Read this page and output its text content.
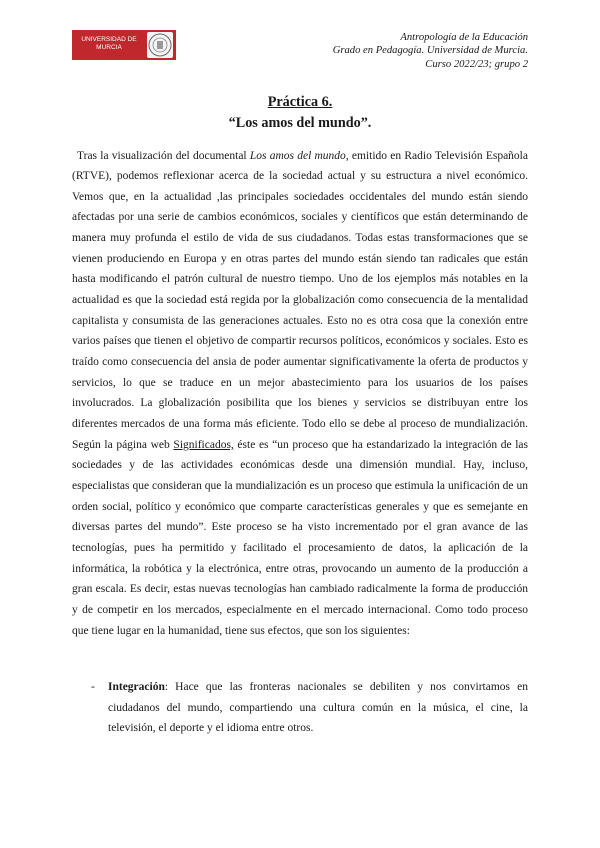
UNIVERSIDAD DE MURCIA
Antropología de la Educación
Grado en Pedagogía. Universidad de Murcia.
Curso 2022/23; grupo 2
Práctica 6.
“Los amos del mundo”.

Tras la visualización del documental Los amos del mundo, emitido en Radio Televisión Española (RTVE), podemos reflexionar acerca de la sociedad actual y su estructura a nivel económico. Vemos que, en la actualidad ,las principales sociedades occidentales del mundo están siendo afectadas por una serie de cambios económicos, sociales y científicos que están determinando de manera muy profunda el estilo de vida de sus ciudadanos. Todas estas transformaciones que se vienen produciendo en Europa y en otras partes del mundo están siendo tan radicales que están hasta modificando el patrón cultural de nuestro tiempo. Uno de los ejemplos más notables en la actualidad es que la sociedad está regida por la globalización como consecuencia de la mentalidad capitalista y consumista de las generaciones actuales. Esto no es otra cosa que la conexión entre varios países que tienen el objetivo de compartir recursos políticos, económicos y sociales. Esto es traído como consecuencia del ansia de poder aumentar significativamente la oferta de productos y servicios, lo que se traduce en un mejor abastecimiento para los usuarios de los países involucrados. La globalización posibilita que los bienes y servicios se distribuyan entre los diferentes mercados de una forma más eficiente. Todo ello se debe al proceso de mundialización. Según la página web Significados, éste es “un proceso que ha estandarizado la integración de las sociedades y de las actividades económicas desde una dimensión mundial. Hay, incluso, especialistas que consideran que la mundialización es un proceso que estimula la unificación de un orden social, político y económico que comparte características generales y que es semejante en diversas partes del mundo”. Este proceso se ha visto incrementado por el gran avance de las tecnologías, pues ha permitido y facilitado el procesamiento de datos, la aplicación de la informática, la robótica y la electrónica, entre otras, provocando un aumento de la producción a gran escala. Es decir, estas nuevas tecnologías han cambiado radicalmente la forma de producción y de competir en los mercados, especialmente en el mercado internacional. Como todo proceso que tiene lugar en la humanidad, tiene sus efectos, que son los siguientes:

- Integración: Hace que las fronteras nacionales se debiliten y nos convirtamos en ciudadanos del mundo, compartiendo una cultura común en la música, el cine, la televisión, el deporte y el idioma entre otros.
